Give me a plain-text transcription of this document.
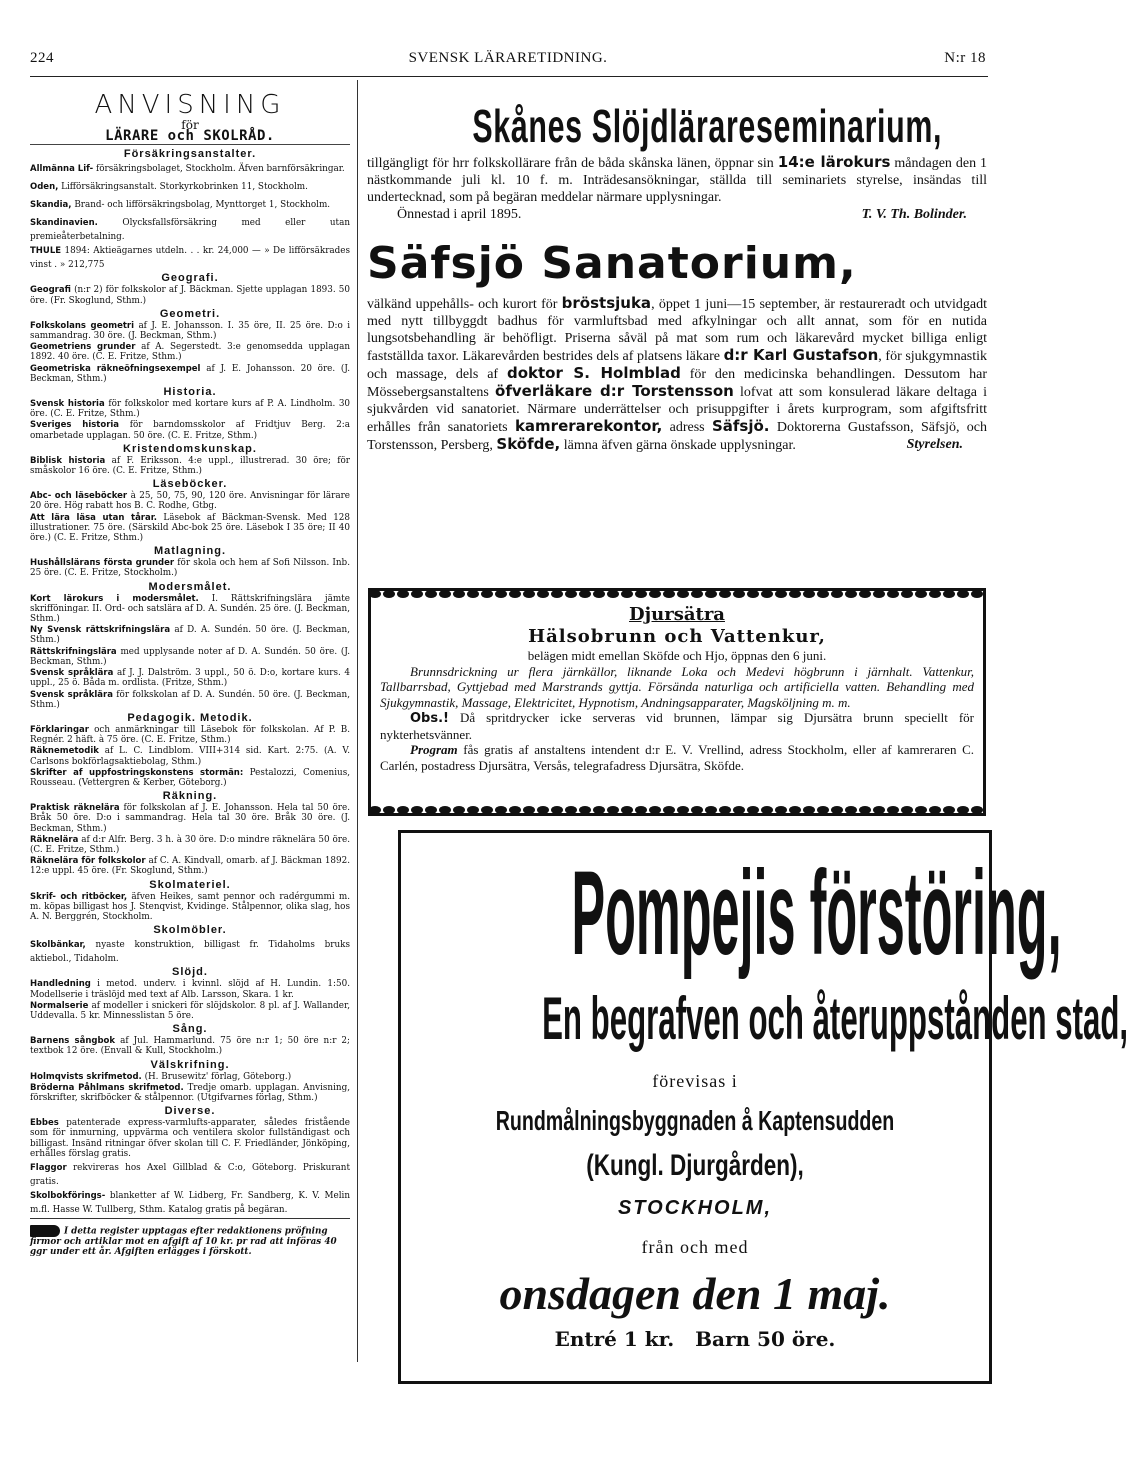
224	SVENSK LÄRARETIDNING.	N:r 18

ANVISNING

för

LÄRARE och SKOLRÅD.

Försäkringsanstalter.
Allmänna Lif- försäkringsbolaget, Stockholm. Äfven barnförsäkringar.
Oden, Lifförsäkringsanstalt. Storkyrkobrinken 11, Stockholm.
Skandia, Brand- och lifförsäkringsbolag, Mynttorget 1, Stockholm.
Skandinavien.	Olycksfallsförsäkring med eller utan premieåterbetalning.
THULE 1894: Aktieägarnes utdeln. . . kr. 24,000 — » De lifförsäkrades vinst . » 212,775
Geografi.
Geografi (n:r 2) för folkskolor af J. Bäckman. Sjette upplagan 1893. 50 öre. (Fr. Skoglund, Sthm.)
Geometri.
Folkskolans geometri af J. E. Johansson. I. 35 öre, II. 25 öre. D:o i sammandrag. 30 öre. (J. Beckman, Sthm.)
Geometriens grunder af A. Segerstedt. 3:e genomsedda upplagan 1892. 40 öre. (C. E. Fritze, Sthm.)
Geometriska räkneöfningsexempel af J. E. Johansson. 20 öre. (J. Beckman, Sthm.)
Historia.
Svensk historia för folkskolor med kortare kurs af P. A. Lindholm. 30 öre. (C. E. Fritze, Sthm.)
Sveriges historia för barndomsskolor af Fridtjuv Berg. 2:a omarbetade upplagan. 50 öre. (C. E. Fritze, Sthm.)
Kristendomskunskap.
Biblisk historia af F. Eriksson. 4:e uppl., illustrerad. 30 öre; för småskolor 16 öre. (C. E. Fritze, Sthm.)
Läseböcker.
Abc- och läseböcker à 25, 50, 75, 90, 120 öre. Anvisningar för lärare 20 öre. Hög rabatt hos B. C. Rodhe, Gtbg.
Att lära läsa utan tårar. Läsebok af Bäckman-Svensk. Med 128 illustrationer. 75 öre. (Särskild Abc-bok 25 öre. Läsebok I 35 öre; II 40 öre.) (C. E. Fritze, Sthm.)
Matlagning.
Hushållsläraпs första grunder för skola och hem af Sofi Nilsson. Inb. 25 öre. (C. E. Fritze, Stockholm.)
Modersmålet.
Kort lärokurs i modersmålet. I. Rättskrifningslära jämte skrifföningar. II. Ord- och satslära af D. A. Sundén. 25 öre. (J. Beckman, Sthm.)
Ny Svensk rättskrifningslära af D. A. Sundén. 50 öre. (J. Beckman, Sthm.)
Rättskrifningslära med upplysande noter af D. A. Sundén. 50 öre. (J. Beckman, Sthm.)
Svensk språklära af J. J. Dalström. 3 uppl., 50 ö. D:o, kortare kurs. 4 uppl., 25 ö. Båda m. ordlista. (Fritze, Sthm.)
Svensk språklära för folkskolan af D. A. Sundén. 50 öre. (J. Beckman, Sthm.)
Pedagogik. Metodik.
Förklaringar och anmärkningar till Läsebok för folkskolan. Af P. B. Regnér. 2 häft. à 75 öre. (C. E. Fritze, Sthm.)
Räknemetodik af L. C. Lindblom. VIII+314 sid. Kart. 2:75. (A. V. Carlsons bokförlagsaktiebolag, Sthm.)
Skrifter af uppfostringskonstens stormän: Pestalozzi, Comenius, Rousseau. (Vettergren & Kerber, Göteborg.)
Räkning.
Praktisk räknelära för folkskolan af J. E. Johansson. Hela tal 50 öre. Bråk 50 öre. D:o i sammandrag. Hela tal 30 öre. Bråk 30 öre. (J. Beckman, Sthm.)
Räknelära af d:r Alfr. Berg. 3 h. à 30 öre. D:o mindre räknelära 50 öre. (C. E. Fritze, Sthm.)
Räknelära för folkskolor af C. A. Kindvall, omarb. af J. Bäckman 1892. 12:e uppl. 45 öre. (Fr. Skoglund, Sthm.)
Skolmateriel.
Skrif- och ritböcker, äfven Heikes, samt pennor och radérgummi m. m. köpas billigast hos J. Stenqvist, Kvidinge. Stålpennor, olika slag, hos A. N. Berggrén, Stockholm.
Skolmöbler.
Skolbänkar, nyaste konstruktion, billigast fr. Tidaholms bruks aktiebol., Tidaholm.
Slöjd.
Handledning i metod. underv. i kvinnl. slöjd af H. Lundin. 1:50. Modellserie i träslöjd med text af Alb. Larsson, Skara. 1 kr.
Normalserie af modeller i snickeri för slöjdskolor. 8 pl. af J. Wallander, Uddevalla. 5 kr. Minnesslistan 5 öre.
Sång.
Barnens sångbok af Jul. Hammarlund. 75 öre n:r 1; 50 öre n:r 2; textbok 12 öre. (Envall & Kull, Stockholm.)
Välskrifning.
Holmqvists skrifmetod. (H. Brusewitz' förlag, Göteborg.)
Bröderna Påhlmans skrifmetod. Tredje omarb. upplagan. Anvisning, förskrifter, skrifböcker & stålpennor. (Utgifvarnes förlag, Sthm.)
Diverse.
Ebbes patenterade express-varmlufts-apparater, således fristående som för inmurning, uppvärma och ventilera skolor fullständigast och billigast. Insänd ritningar öfver skolan till C. F. Friedländer, Jönköping, erhålles förslag gratis.
Flaggor rekvireras hos Axel Gillblad & C:o, Göteborg. Priskurant gratis.
Skolbokförings- blanketter af W. Lidberg, Fr. Sandberg, K. V. Melin m.fl. Hasse W. Tullberg, Sthm. Katalog gratis på begäran.
I detta register upptagas efter redaktionens pröfning firmor och artiklar mot en afgift af 10 kr. pr rad att införas 40 ggr under ett år. Afgiften erlägges i förskott.
Skånes Slöjdlärareseminarium,

tillgängligt för hrr folkskollärare från de båda skånska länen, öppnar sin 14:e lärokurs måndagen den 1 nästkommande juli kl. 10 f. m. Inträdesansökningar, ställda till seminariets styrelse, insändas till undertecknad, som på begäran meddelar närmare upplysningar.

Önnestad i april 1895.	T. V. Th. Bolinder.

Säfsjö Sanatorium,

välkänd uppehålls- och kurort för bröstsjuka, öppet 1 juni—15 september, är restaureradt och utvidgadt med nytt tillbyggdt badhus för varmluftsbad med afkylningar och allt annat, som för en nutida lungsotsbehandling är behöfligt. Priserna såväl på mat som rum och läkarevård mycket billiga enligt fastställda taxor. Läkarevården bestrides dels af platsens läkare d:r Karl Gustafson, för sjukgymnastik och massage, dels af doktor S. Holmblad för den medicinska behandlingen. Dessutom har Mössebergsanstaltens öfverläkare d:r Torstensson lofvat att som konsulerad läkare deltaga i sjukvården vid sanatoriet. Närmare underrättelser och prisuppgifter i årets kurprogram, som afgiftsfritt erhålles från sanatoriets kamrerarekontor, adress Säfsjö. Doktorerna Gustafsson, Säfsjö, och Torstensson, Persberg, Sköfde, lämna äfven gärna önskade upplysningar.	Styrelsen.

Djursätra

Hälsobrunn och Vattenkur,

belägen midt emellan Sköfde och Hjo, öppnas den 6 juni.

Brunnsdrickning ur flera järnkällor, liknande Loka och Medevi högbrunn i järnhalt. Vattenkur, Tallbarrsbad, Gyttjebad med Marstrands gyttja. Försända naturliga och artificiella vatten. Behandling med Sjukgymnastik, Massage, Elektricitet, Hypnotism, Andningsapparater, Magsköljning m. m.

Obs.! Då spritdrycker icke serveras vid brunnen, lämpar sig Djursätra brunn speciellt för nykterhetsvänner.

Program fås gratis af anstaltens intendent d:r E. V. Vrellind, adress Stockholm, eller af kamreraren C. Carlén, postadress Djursätra, Versås, telegrafadress Djursätra, Sköfde.

Pompejis förstöring,
En begrafven och återuppstånden stad,
förevisas i
Rundmålningsbyggnaden å Kaptensudden
(Kungl. Djurgården),
STOCKHOLM,
från och med
onsdagen den 1 maj.
Entré 1 kr.   Barn 50 öre.
